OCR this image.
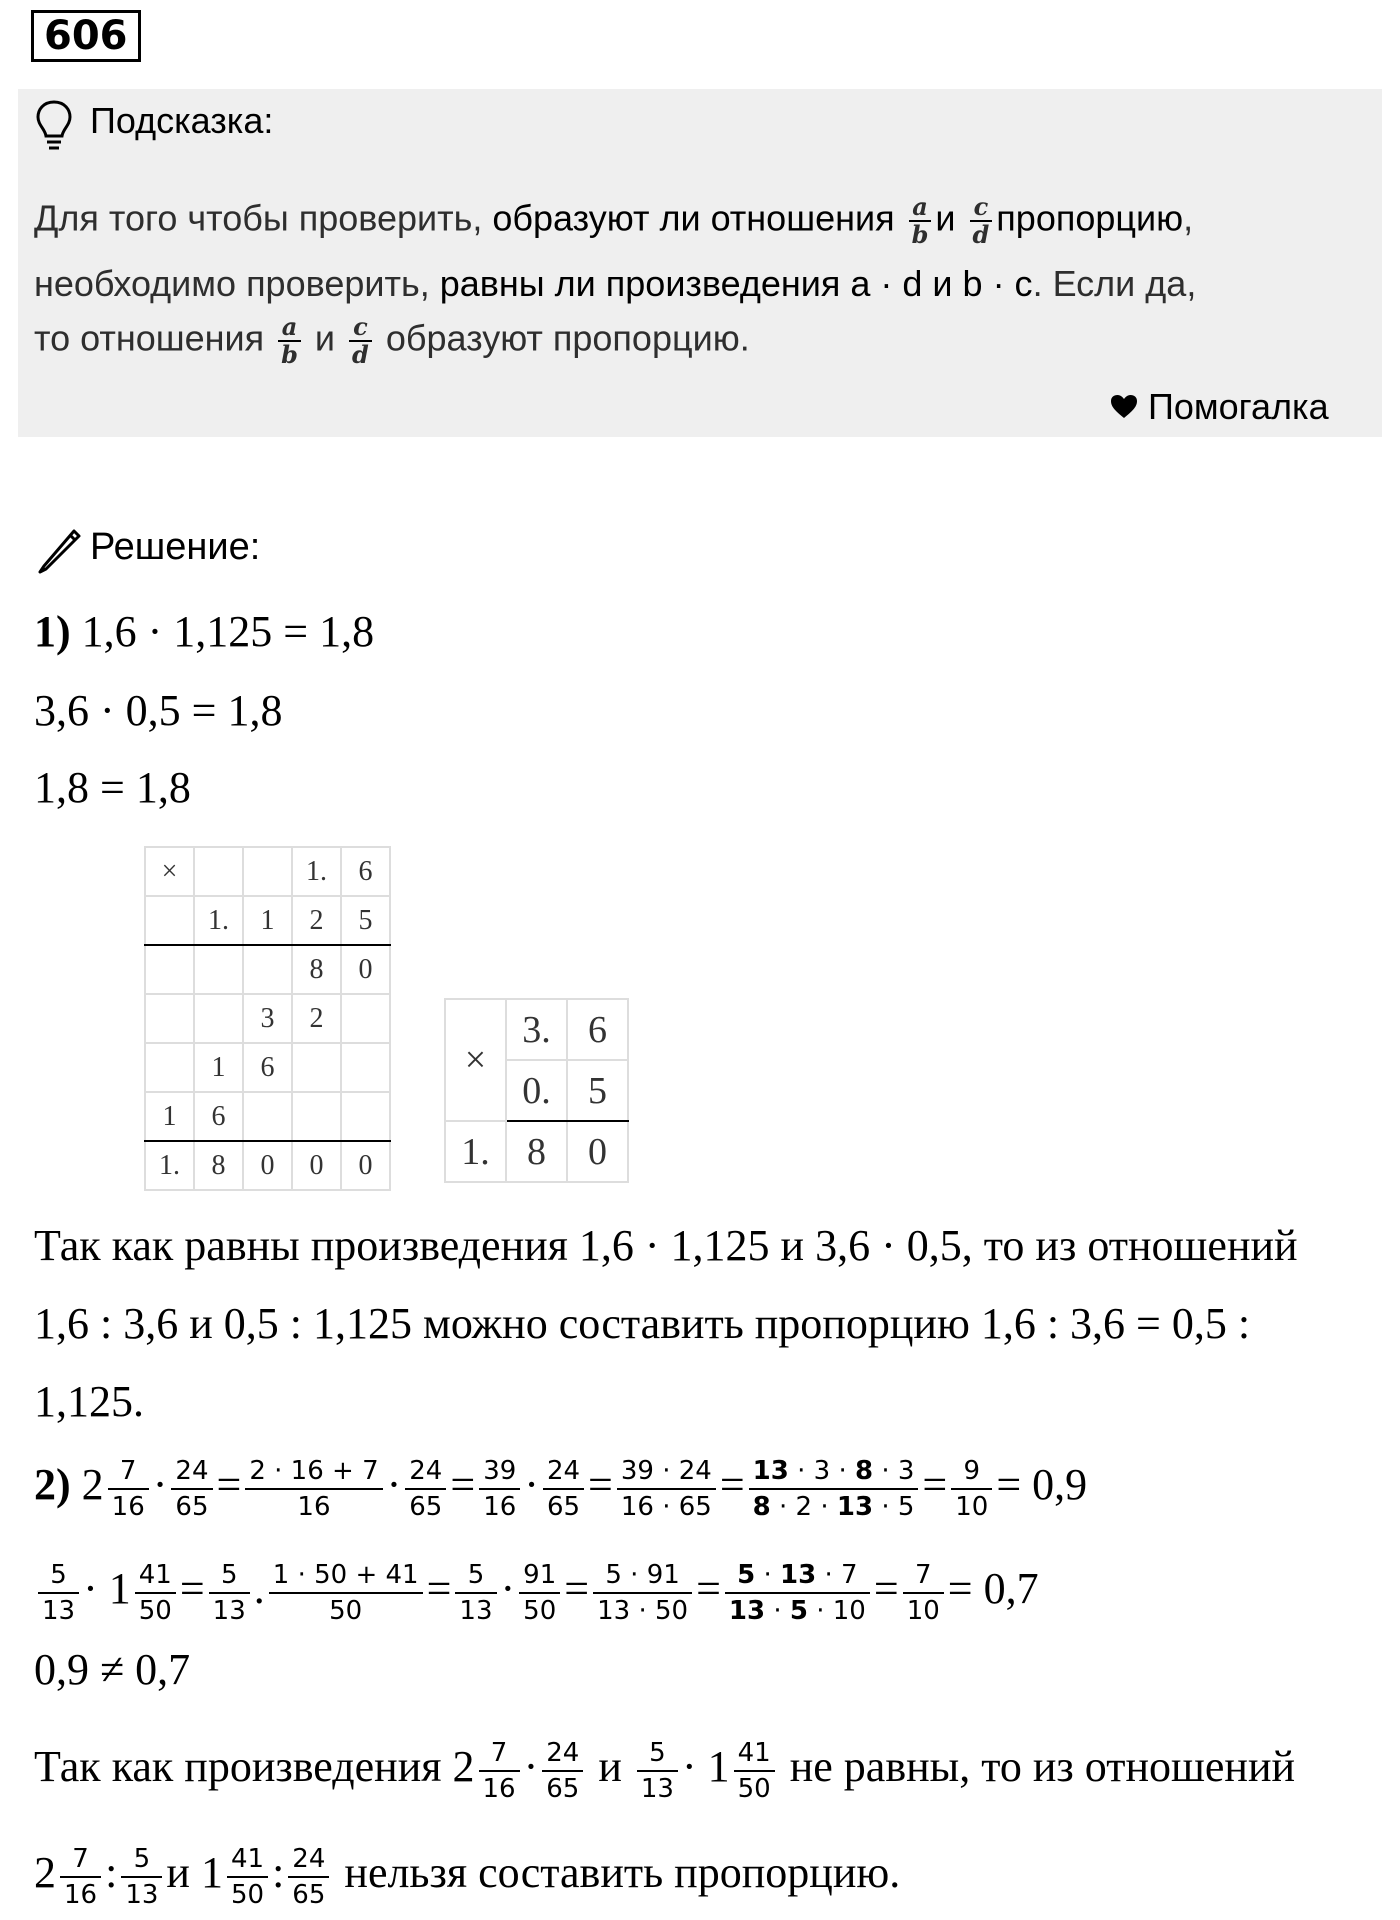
606
Подсказка:
Для того чтобы проверить, образуют ли отношения $\frac{a}{b}$ и $\frac{c}{d}$ пропорцию,
необходимо проверить, равны ли произведения a · d и b · c. Если да,
то отношения $\frac{a}{b}$ и $\frac{c}{d}$ образуют пропорцию.
Помогалка
Решение:
1) 1,6 · 1,125 = 1,8
3,6 · 0,5 = 1,8
1,8 = 1,8
×			1.	6
	1.	1	2	5
			8	0
		3	2	
	1	6		
1	6			
1.	8	0	0	0
×	3.	6
	0.	5
1.	8	0
Так как равны произведения 1,6 · 1,125 и 3,6 · 0,5, то из отношений
1,6 : 3,6 и 0,5 : 1,125 можно составить пропорцию 1,6 : 3,6 = 0,5 :
1,125.
2) $2 \frac{7}{16} \cdot \frac{24}{65} = \frac{2 \cdot 16 + 7}{16} \cdot \frac{24}{65} = \frac{39}{16} \cdot \frac{24}{65} = \frac{39 \cdot 24}{16 \cdot 65} = \frac{13 \cdot 3 \cdot 8 \cdot 3}{8 \cdot 2 \cdot 13 \cdot 5} = \frac{9}{10} = 0,9$
$\frac{5}{13} \cdot 1 \frac{41}{50} = \frac{5}{13}$ . $\frac{1 \cdot 50 + 41}{50} = \frac{5}{13} \cdot \frac{91}{50} = \frac{5 \cdot 91}{13 \cdot 50} = \frac{5 \cdot 13 \cdot 7}{13 \cdot 5 \cdot 10} = \frac{7}{10} = 0,7$
0,9 ≠ 0,7
Так как произведения $2 \frac{7}{16} \cdot \frac{24}{65}$ и $\frac{5}{13} \cdot 1 \frac{41}{50}$ не равны, то из отношений
$2 \frac{7}{16}$ : $\frac{5}{13}$ и $1 \frac{41}{50}$ : $\frac{24}{65}$ нельзя составить пропорцию.
